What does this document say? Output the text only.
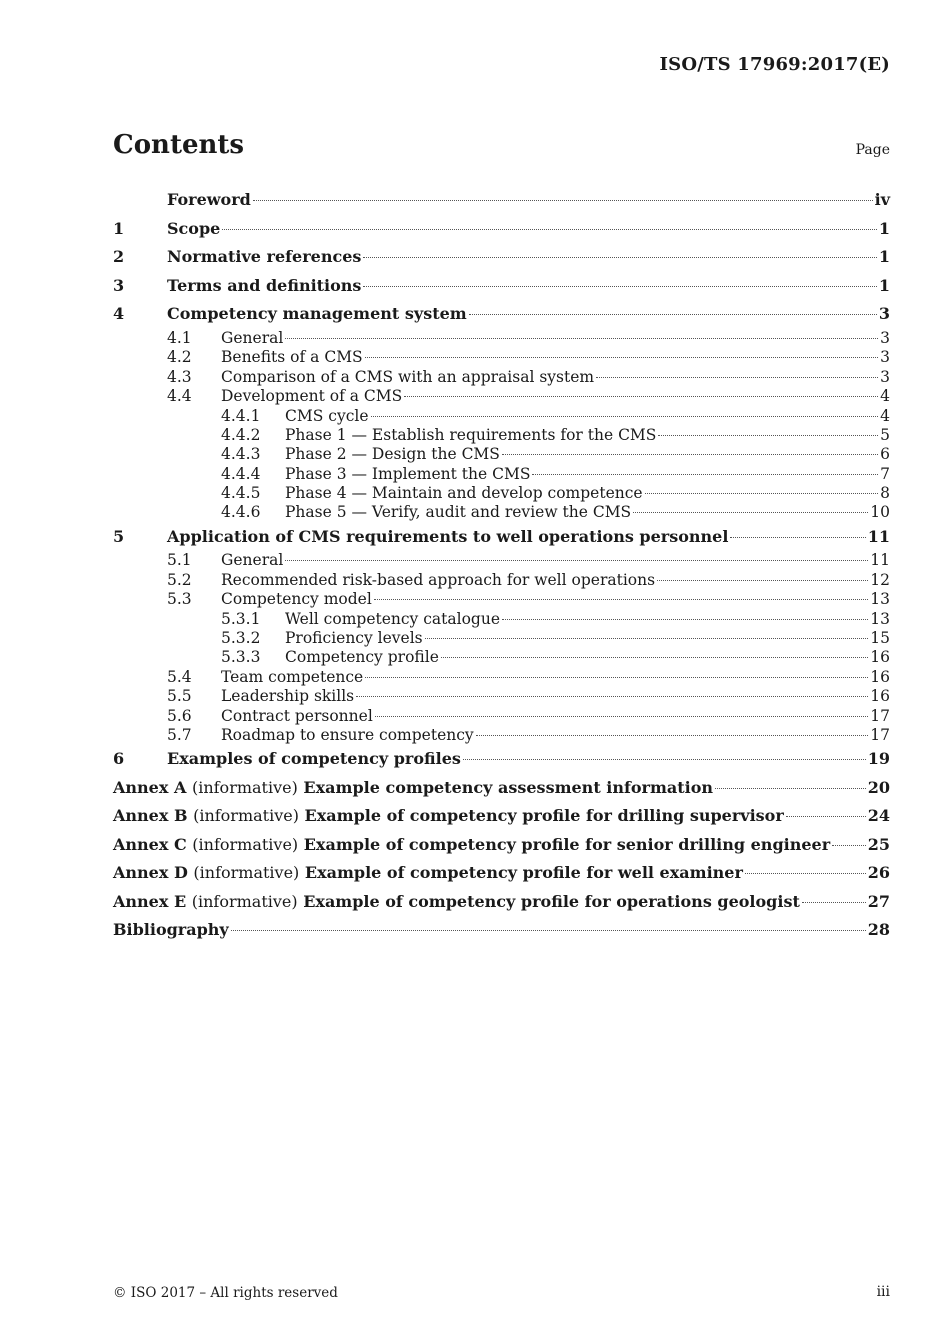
ISO/TS 17969:2017(E)
Contents	Page
Foreword	iv
1	Scope	1
2	Normative references	1
3	Terms and definitions	1
4	Competency management system	3
4.1	General	3
4.2	Benefits of a CMS	3
4.3	Comparison of a CMS with an appraisal system	3
4.4	Development of a CMS	4
4.4.1	CMS cycle	4
4.4.2	Phase 1 — Establish requirements for the CMS	5
4.4.3	Phase 2 — Design the CMS	6
4.4.4	Phase 3 — Implement the CMS	7
4.4.5	Phase 4 — Maintain and develop competence	8
4.4.6	Phase 5 — Verify, audit and review the CMS	10
5	Application of CMS requirements to well operations personnel	11
5.1	General	11
5.2	Recommended risk-based approach for well operations	12
5.3	Competency model	13
5.3.1	Well competency catalogue	13
5.3.2	Proficiency levels	15
5.3.3	Competency profile	16
5.4	Team competence	16
5.5	Leadership skills	16
5.6	Contract personnel	17
5.7	Roadmap to ensure competency	17
6	Examples of competency profiles	19
Annex A (informative) Example competency assessment information	20
Annex B (informative) Example of competency profile for drilling supervisor	24
Annex C (informative) Example of competency profile for senior drilling engineer 25
Annex D (informative) Example of competency profile for well examiner	26
Annex E (informative) Example of competency profile for operations geologist	27
Bibliography	28
© ISO 2017 – All rights reserved	iii
